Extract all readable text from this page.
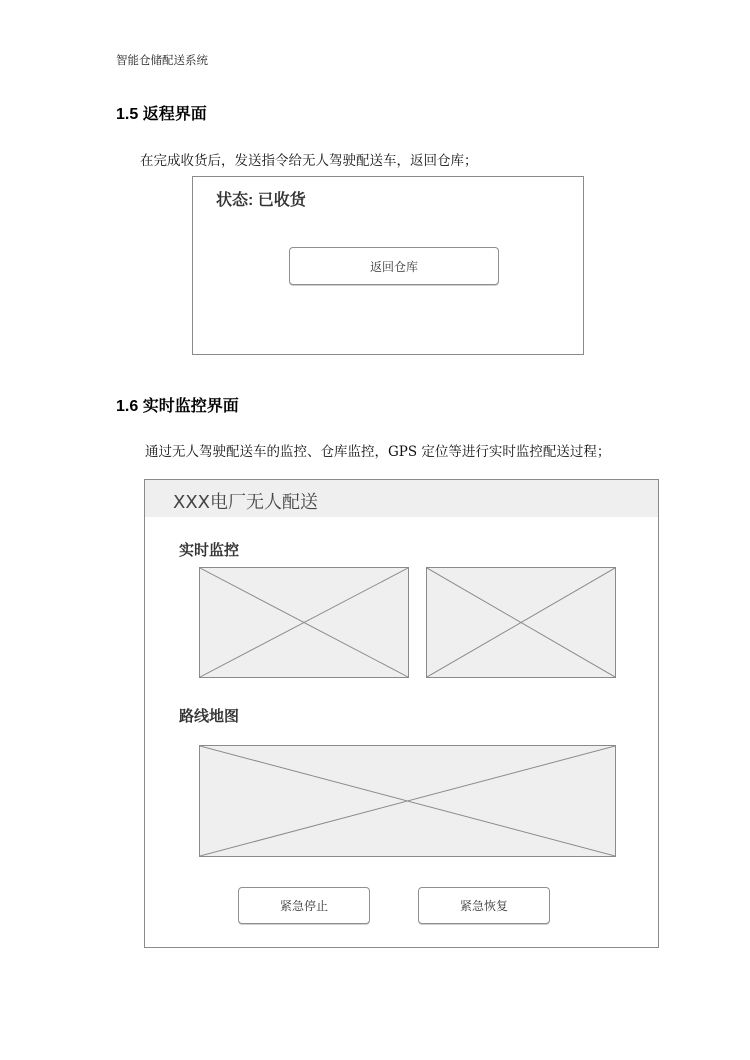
智能仓储配送系统
1.5 返程界面
在完成收货后，发送指令给无人驾驶配送车，返回仓库；
状态: 已收货
返回仓库
1.6 实时监控界面
通过无人驾驶配送车的监控、仓库监控，GPS 定位等进行实时监控配送过程；
XXX电厂无人配送
实时监控
路线地图
紧急停止	紧急恢复
